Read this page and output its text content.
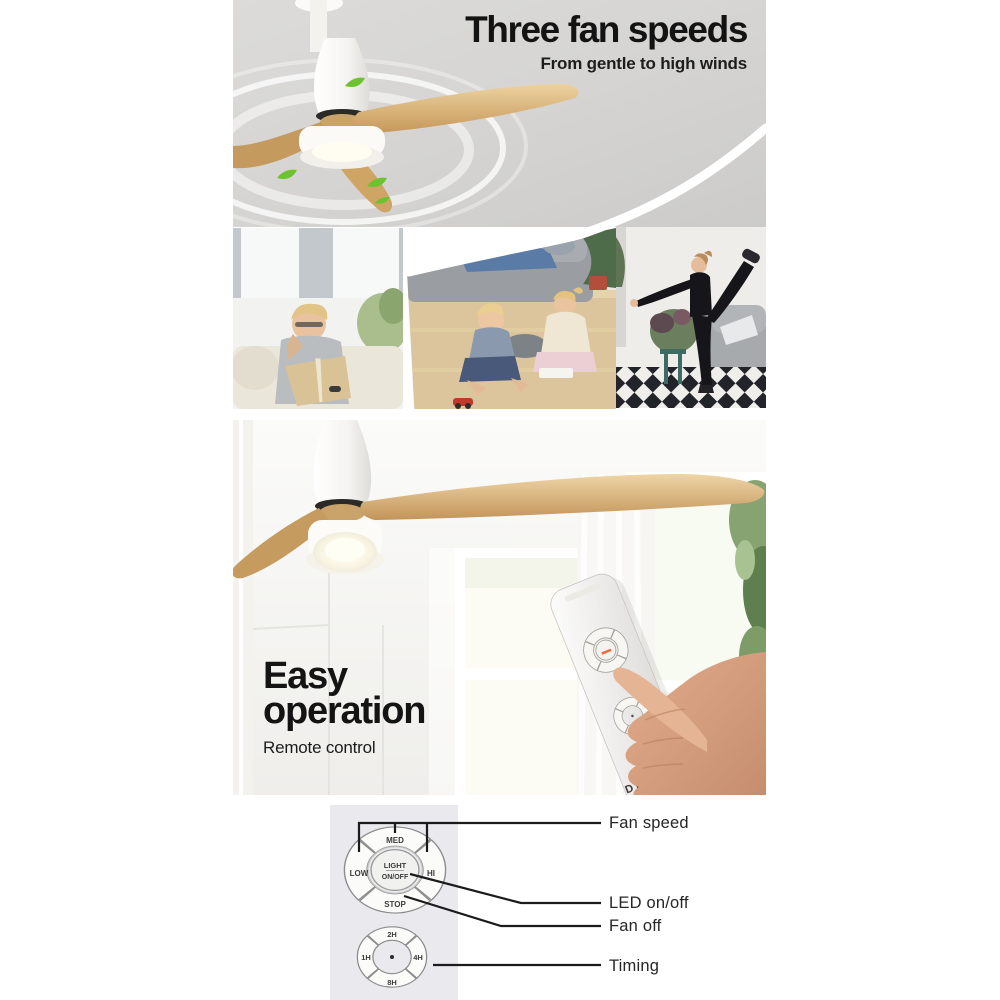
Three fan speeds

From gentle to high winds

Easy
operation

Remote control

MED
LOW	HI
STOP
LIGHT
ON/OFF
2H
1H	4H
8H
Fan speed
LED on/off
Fan off
Timing
